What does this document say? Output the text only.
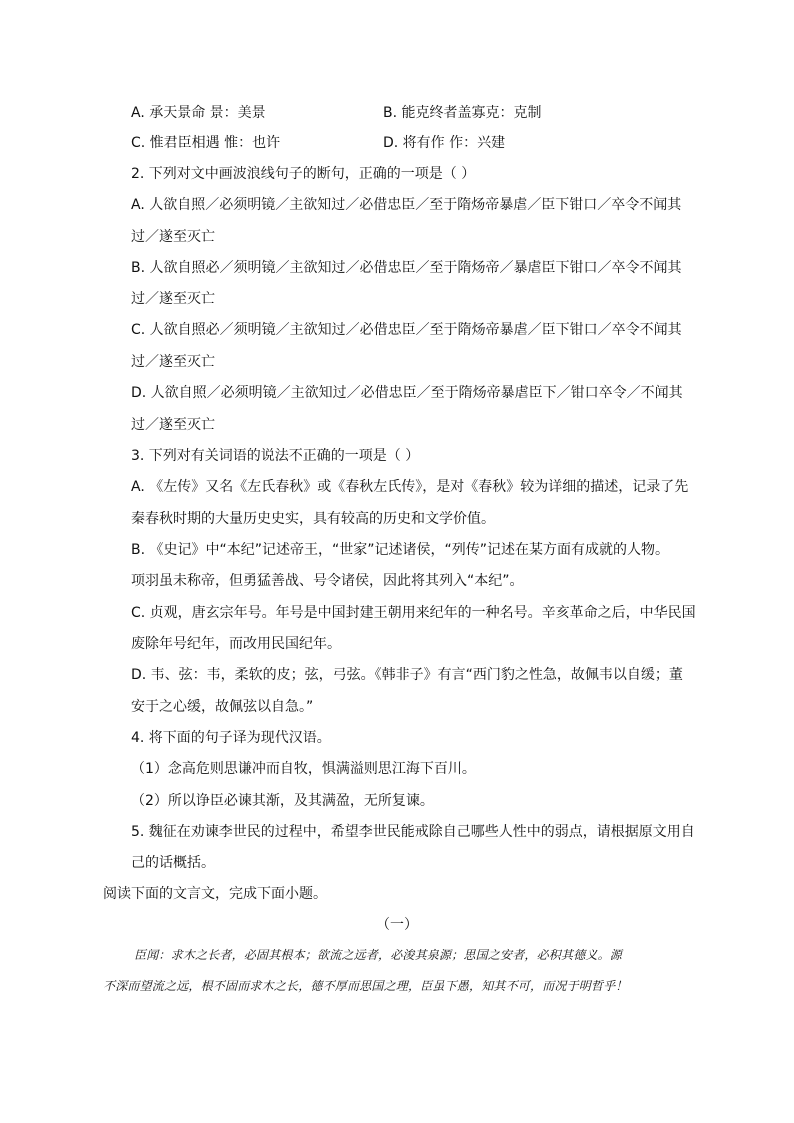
A. 承天景命 景：美景	B. 能克终者盖寡克：克制
C. 惟君臣相遇 惟：也许	D. 将有作 作：兴建
2. 下列对文中画波浪线句子的断句，正确的一项是（ ）
A. 人欲自照／必须明镜／主欲知过／必借忠臣／至于隋炀帝暴虐／臣下钳口／卒令不闻其
过／遂至灭亡
B. 人欲自照必／须明镜／主欲知过／必借忠臣／至于隋炀帝／暴虐臣下钳口／卒令不闻其
过／遂至灭亡
C. 人欲自照必／须明镜／主欲知过／必借忠臣／至于隋炀帝暴虐／臣下钳口／卒令不闻其
过／遂至灭亡
D. 人欲自照／必须明镜／主欲知过／必借忠臣／至于隋炀帝暴虐臣下／钳口卒令／不闻其
过／遂至灭亡
3. 下列对有关词语的说法不正确的一项是（ ）
A. 《左传》又名《左氏春秋》或《春秋左氏传》，是对《春秋》较为详细的描述，记录了先
秦春秋时期的大量历史史实，具有较高的历史和文学价值。
B. 《史记》中“本纪”记述帝王，“世家”记述诸侯，“列传”记述在某方面有成就的人物。
项羽虽未称帝，但勇猛善战、号令诸侯，因此将其列入“本纪”。
C. 贞观，唐玄宗年号。年号是中国封建王朝用来纪年的一种名号。辛亥革命之后，中华民国
废除年号纪年，而改用民国纪年。
D. 韦、弦：韦，柔软的皮；弦，弓弦。《韩非子》有言“西门豹之性急，故佩韦以自缓；董
安于之心缓，故佩弦以自急。”
4. 将下面的句子译为现代汉语。
（1）念高危则思谦冲而自牧，惧满溢则思江海下百川。
（2）所以诤臣必谏其渐，及其满盈，无所复谏。
5. 魏征在劝谏李世民的过程中，希望李世民能戒除自己哪些人性中的弱点，请根据原文用自
己的话概括。
阅读下面的文言文，完成下面小题。
（一）
臣闻：求木之长者，必固其根本；欲流之远者，必浚其泉源；思国之安者，必积其德义。源
不深而望流之远，根不固而求木之长，德不厚而思国之理，臣虽下愚，知其不可，而况于明哲乎！
